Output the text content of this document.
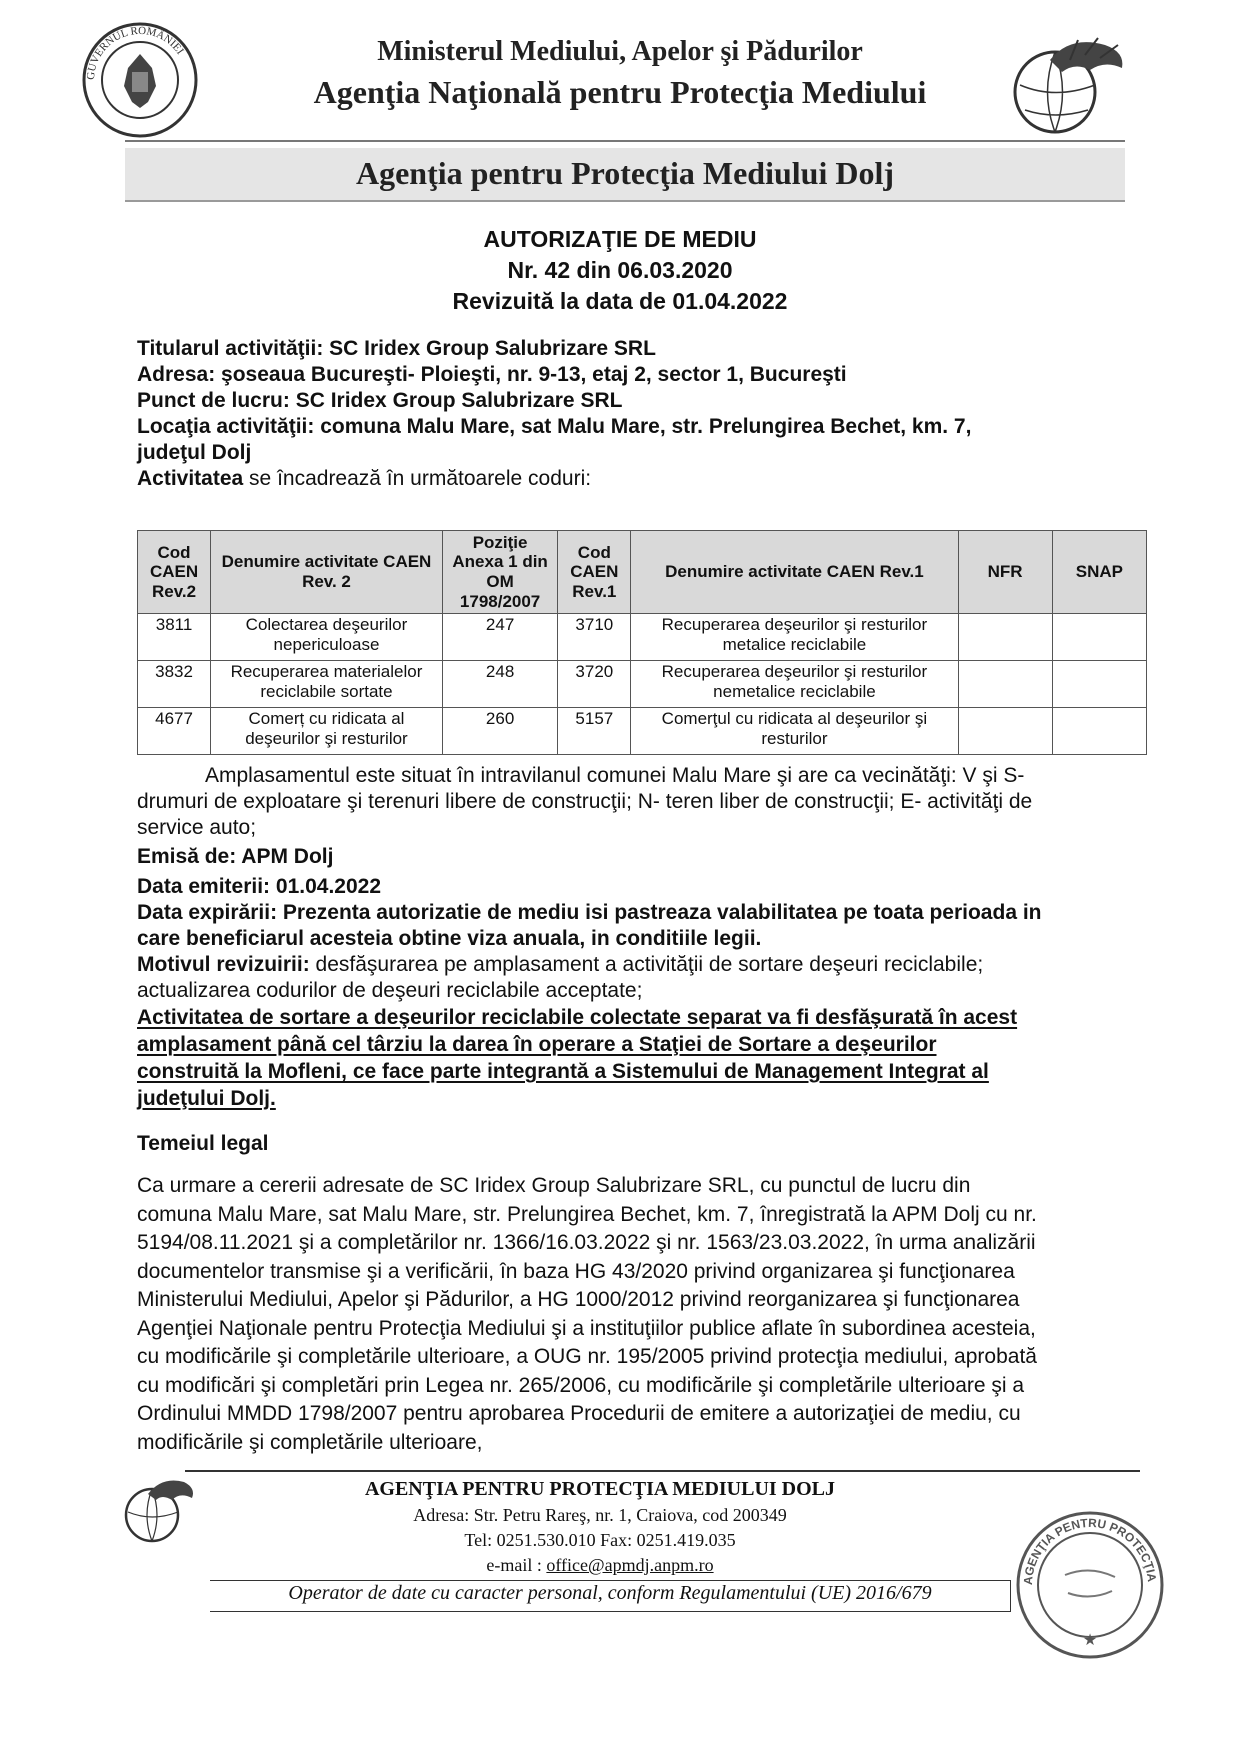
GUVERNUL ROMÂNIEI	Ministerul Mediului, Apelor şi Pădurilor
Agenţia Naţională pentru Protecţia Mediului
Agenţia pentru Protecţia Mediului Dolj
AUTORIZAŢIE DE MEDIU
Nr. 42 din 06.03.2020
Revizuită la data de 01.04.2022
Titularul activităţii: SC Iridex Group Salubrizare SRL
Adresa: şoseaua Bucureşti- Ploieşti, nr. 9-13, etaj 2, sector 1, Bucureşti
Punct de lucru: SC Iridex Group Salubrizare SRL
Locaţia activităţii: comuna Malu Mare, sat Malu Mare, str. Prelungirea Bechet, km. 7,
judeţul Dolj
Activitatea se încadrează în următoarele coduri:
Cod CAEN Rev.2	Denumire activitate CAEN Rev. 2	Poziţie Anexa 1 din OM 1798/2007	Cod CAEN Rev.1	Denumire activitate CAEN Rev.1	NFR	SNAP
3811	Colectarea deşeurilor nepericuloase	247	3710	Recuperarea deşeurilor şi resturilor metalice reciclabile		
3832	Recuperarea materialelor reciclabile sortate	248	3720	Recuperarea deşeurilor şi resturilor nemetalice reciclabile		
4677	Comerț cu ridicata al deşeurilor şi resturilor	260	5157	Comerţul cu ridicata al deşeurilor şi resturilor		
Amplasamentul este situat în intravilanul comunei Malu Mare şi are ca vecinătăţi: V şi S-
drumuri de exploatare şi terenuri libere de construcţii; N- teren liber de construcţii; E- activităţi de
service auto;
Emisă de: APM Dolj
Data emiterii: 01.04.2022
Data expirării: Prezenta autorizatie de mediu isi pastreaza valabilitatea pe toata perioada in
care beneficiarul acesteia obtine viza anuala, in conditiile legii.
Motivul revizuirii: desfăşurarea pe amplasament a activităţii de sortare deşeuri reciclabile;
actualizarea codurilor de deşeuri reciclabile acceptate;
Activitatea de sortare a deşeurilor reciclabile colectate separat va fi desfăşurată în acest
amplasament până cel târziu la darea în operare a Staţiei de Sortare a deşeurilor
construită la Mofleni, ce face parte integrantă a Sistemului de Management Integrat al
judeţului Dolj.
Temeiul legal
Ca urmare a cererii adresate de SC Iridex Group Salubrizare SRL, cu punctul de lucru din
comuna Malu Mare, sat Malu Mare, str. Prelungirea Bechet, km. 7, înregistrată la APM Dolj cu nr.
5194/08.11.2021 şi a completărilor nr. 1366/16.03.2022 şi nr. 1563/23.03.2022, în urma analizării
documentelor transmise şi a verificării, în baza HG 43/2020 privind organizarea şi funcţionarea
Ministerului Mediului, Apelor şi Pădurilor, a HG 1000/2012 privind reorganizarea şi funcţionarea
Agenţiei Naţionale pentru Protecţia Mediului şi a instituţiilor publice aflate în subordinea acesteia,
cu modificările şi completările ulterioare, a OUG nr. 195/2005 privind protecţia mediului, aprobată
cu modificări şi completări prin Legea nr. 265/2006, cu modificările şi completările ulterioare şi a
Ordinului MMDD 1798/2007 pentru aprobarea Procedurii de emitere a autorizaţiei de mediu, cu
modificările şi completările ulterioare,
AGENŢIA PENTRU PROTECŢIA MEDIULUI DOLJ
Adresa: Str. Petru Rareş, nr. 1, Craiova, cod 200349
Tel: 0251.530.010 Fax: 0251.419.035
e-mail : office@apmdj.anpm.ro
Operator de date cu caracter personal, conform Regulamentului (UE) 2016/679
AGENŢIA PENTRU PROTECŢIA
★
